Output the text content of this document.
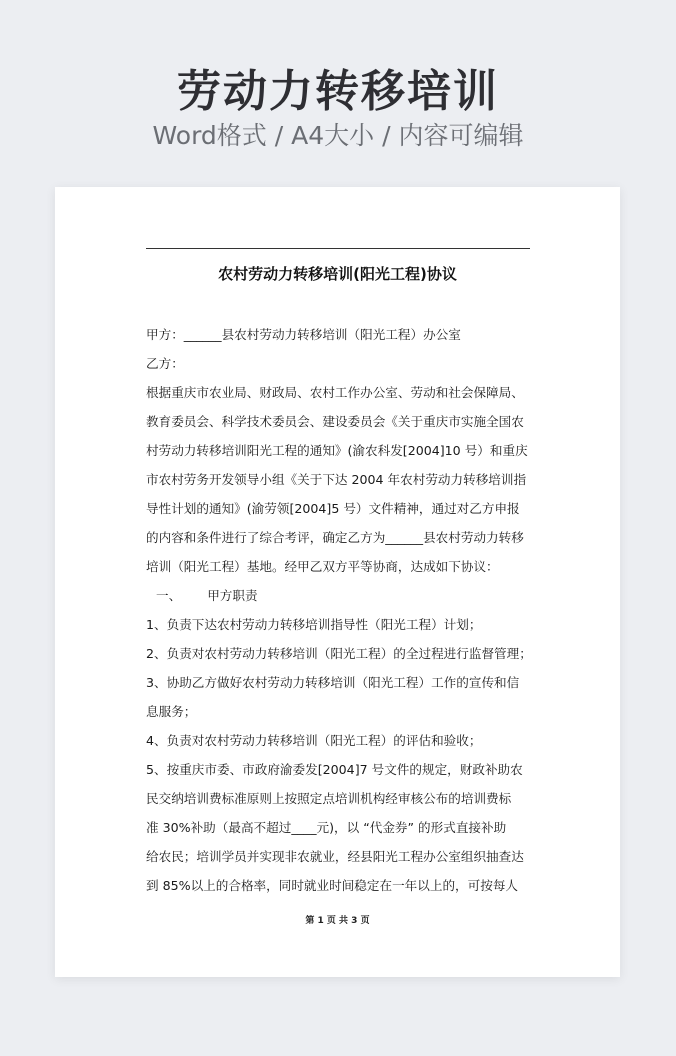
劳动力转移培训
Word格式 / A4大小 / 内容可编辑
农村劳动力转移培训(阳光工程)协议

甲方：______县农村劳动力转移培训（阳光工程）办公室

乙方：

根据重庆市农业局、财政局、农村工作办公室、劳动和社会保障局、

教育委员会、科学技术委员会、建设委员会《关于重庆市实施全国农

村劳动力转移培训阳光工程的通知》(渝农科发[2004]10 号）和重庆

市农村劳务开发领导小组《关于下达 2004 年农村劳动力转移培训指

导性计划的通知》(渝劳领[2004]5 号）文件精神，通过对乙方申报

的内容和条件进行了综合考评，确定乙方为______县农村劳动力转移

培训（阳光工程）基地。经甲乙双方平等协商，达成如下协议：

一、 甲方职责

1、负责下达农村劳动力转移培训指导性（阳光工程）计划；

2、负责对农村劳动力转移培训（阳光工程）的全过程进行监督管理；

3、协助乙方做好农村劳动力转移培训（阳光工程）工作的宣传和信

息服务；

4、负责对农村劳动力转移培训（阳光工程）的评估和验收；

5、按重庆市委、市政府渝委发[2004]7 号文件的规定，财政补助农

民交纳培训费标准原则上按照定点培训机构经审核公布的培训费标

准 30%补助（最高不超过____元)，以 “代金券” 的形式直接补助

给农民；培训学员并实现非农就业，经县阳光工程办公室组织抽查达

到 85%以上的合格率，同时就业时间稳定在一年以上的，可按每人

第 1 页 共 3 页
